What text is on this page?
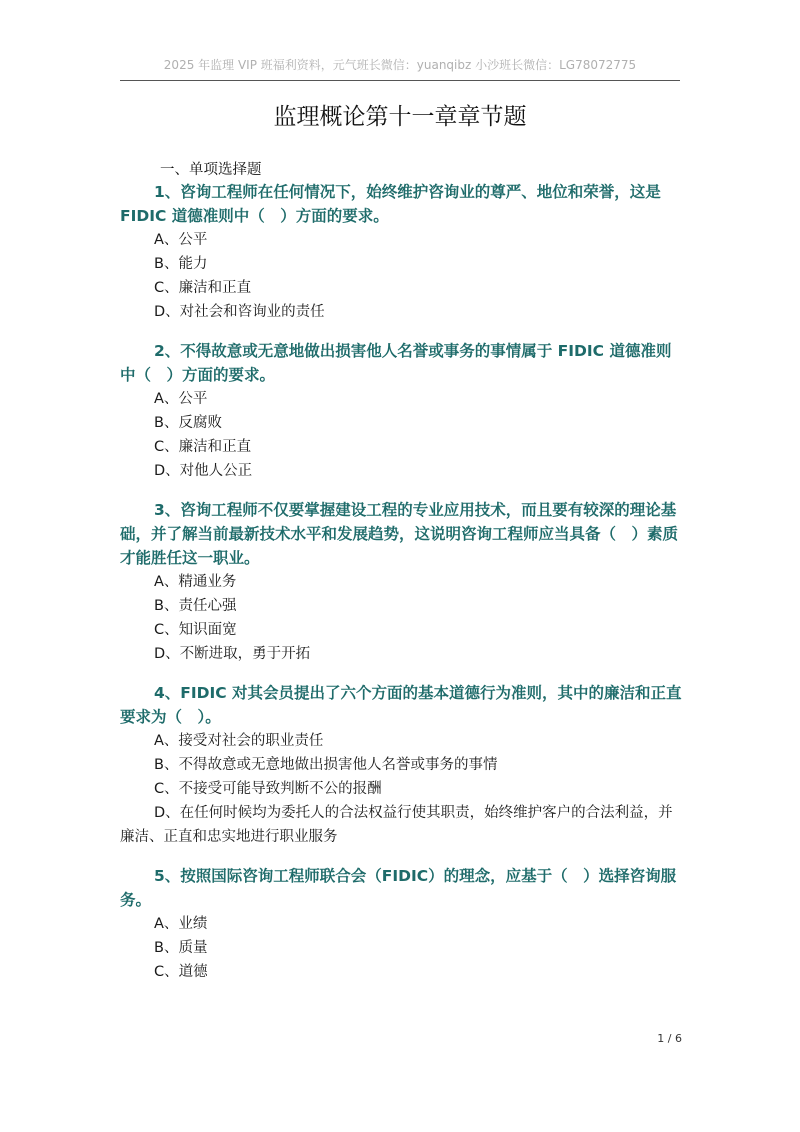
2025 年监理 VIP 班福利资料，元气班长微信：yuanqibz 小沙班长微信：LG78072775
监理概论第十一章章节题
一、单项选择题

1、咨询工程师在任何情况下，始终维护咨询业的尊严、地位和荣誉，这是FIDIC 道德准则中（　）方面的要求。

A、公平

B、能力

C、廉洁和正直

D、对社会和咨询业的责任

2、不得故意或无意地做出损害他人名誉或事务的事情属于 FIDIC 道德准则中（　）方面的要求。

A、公平

B、反腐败

C、廉洁和正直

D、对他人公正

3、咨询工程师不仅要掌握建设工程的专业应用技术，而且要有较深的理论基础，并了解当前最新技术水平和发展趋势，这说明咨询工程师应当具备（　）素质才能胜任这一职业。

A、精通业务

B、责任心强

C、知识面宽

D、不断进取，勇于开拓

4、FIDIC 对其会员提出了六个方面的基本道德行为准则，其中的廉洁和正直要求为（　）。

A、接受对社会的职业责任

B、不得故意或无意地做出损害他人名誉或事务的事情

C、不接受可能导致判断不公的报酬

D、在任何时候均为委托人的合法权益行使其职责，始终维护客户的合法利益，并廉洁、正直和忠实地进行职业服务

5、按照国际咨询工程师联合会（FIDIC）的理念，应基于（　）选择咨询服务。

A、业绩

B、质量

C、道德

1 / 6
